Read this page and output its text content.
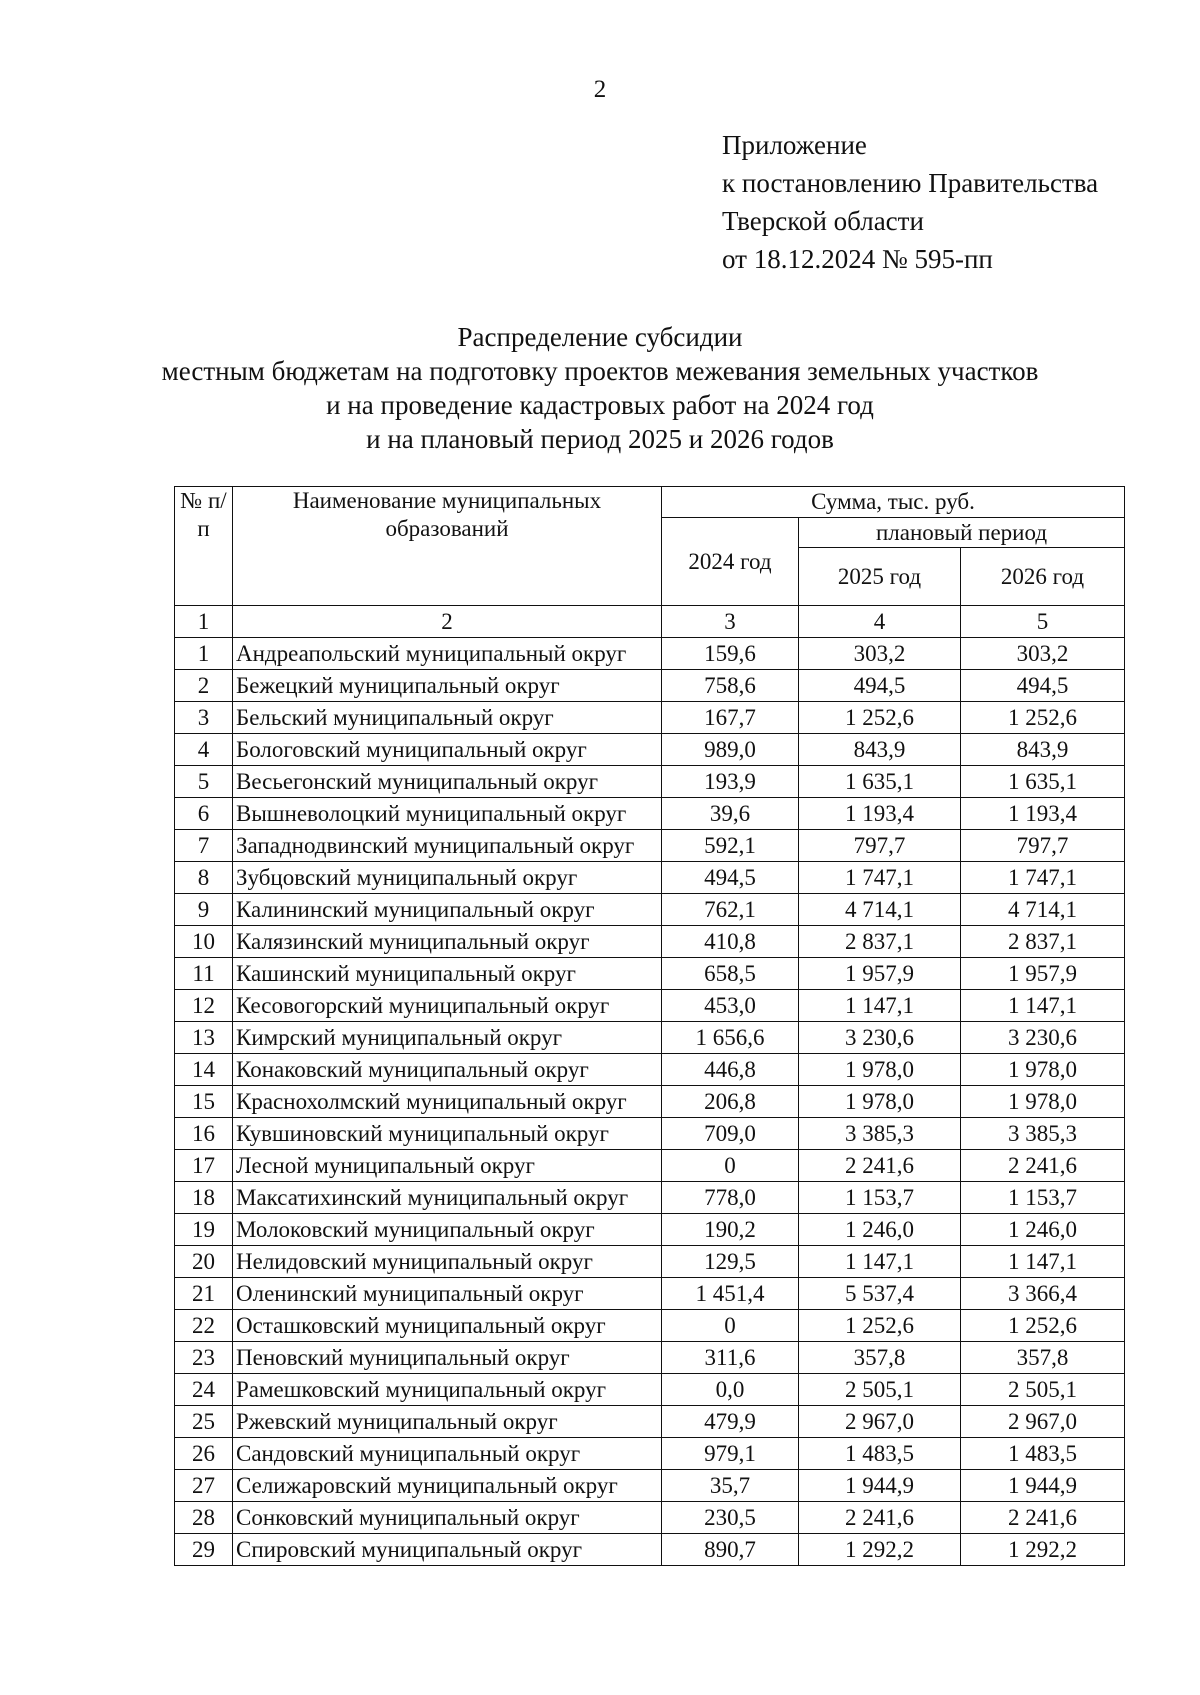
2
Приложение
к постановлению Правительства
Тверской области
от 18.12.2024 № 595-пп
Распределение субсидии
местным бюджетам на подготовку проектов межевания земельных участков
и на проведение кадастровых работ на 2024 год
и на плановый период 2025 и 2026 годов
№ п/п	Наименование муниципальных образований	Сумма, тыс. руб.		
		2024 год	плановый период	
			2025 год	2026 год
1	2	3	4	5
1	Андреапольский муниципальный округ	159,6	303,2	303,2
2	Бежецкий муниципальный округ	758,6	494,5	494,5
3	Бельский муниципальный округ	167,7	1 252,6	1 252,6
4	Бологовский муниципальный округ	989,0	843,9	843,9
5	Весьегонский муниципальный округ	193,9	1 635,1	1 635,1
6	Вышневолоцкий муниципальный округ	39,6	1 193,4	1 193,4
7	Западнодвинский муниципальный округ	592,1	797,7	797,7
8	Зубцовский муниципальный округ	494,5	1 747,1	1 747,1
9	Калининский муниципальный округ	762,1	4 714,1	4 714,1
10	Калязинский муниципальный округ	410,8	2 837,1	2 837,1
11	Кашинский муниципальный округ	658,5	1 957,9	1 957,9
12	Кесовогорский муниципальный округ	453,0	1 147,1	1 147,1
13	Кимрский муниципальный округ	1 656,6	3 230,6	3 230,6
14	Конаковский муниципальный округ	446,8	1 978,0	1 978,0
15	Краснохолмский муниципальный округ	206,8	1 978,0	1 978,0
16	Кувшиновский муниципальный округ	709,0	3 385,3	3 385,3
17	Лесной муниципальный округ	0	2 241,6	2 241,6
18	Максатихинский муниципальный округ	778,0	1 153,7	1 153,7
19	Молоковский муниципальный округ	190,2	1 246,0	1 246,0
20	Нелидовский муниципальный округ	129,5	1 147,1	1 147,1
21	Оленинский муниципальный округ	1 451,4	5 537,4	3 366,4
22	Осташковский муниципальный округ	0	1 252,6	1 252,6
23	Пеновский муниципальный округ	311,6	357,8	357,8
24	Рамешковский муниципальный округ	0,0	2 505,1	2 505,1
25	Ржевский муниципальный округ	479,9	2 967,0	2 967,0
26	Сандовский муниципальный округ	979,1	1 483,5	1 483,5
27	Селижаровский муниципальный округ	35,7	1 944,9	1 944,9
28	Сонковский муниципальный округ	230,5	2 241,6	2 241,6
29	Спировский муниципальный округ	890,7	1 292,2	1 292,2
